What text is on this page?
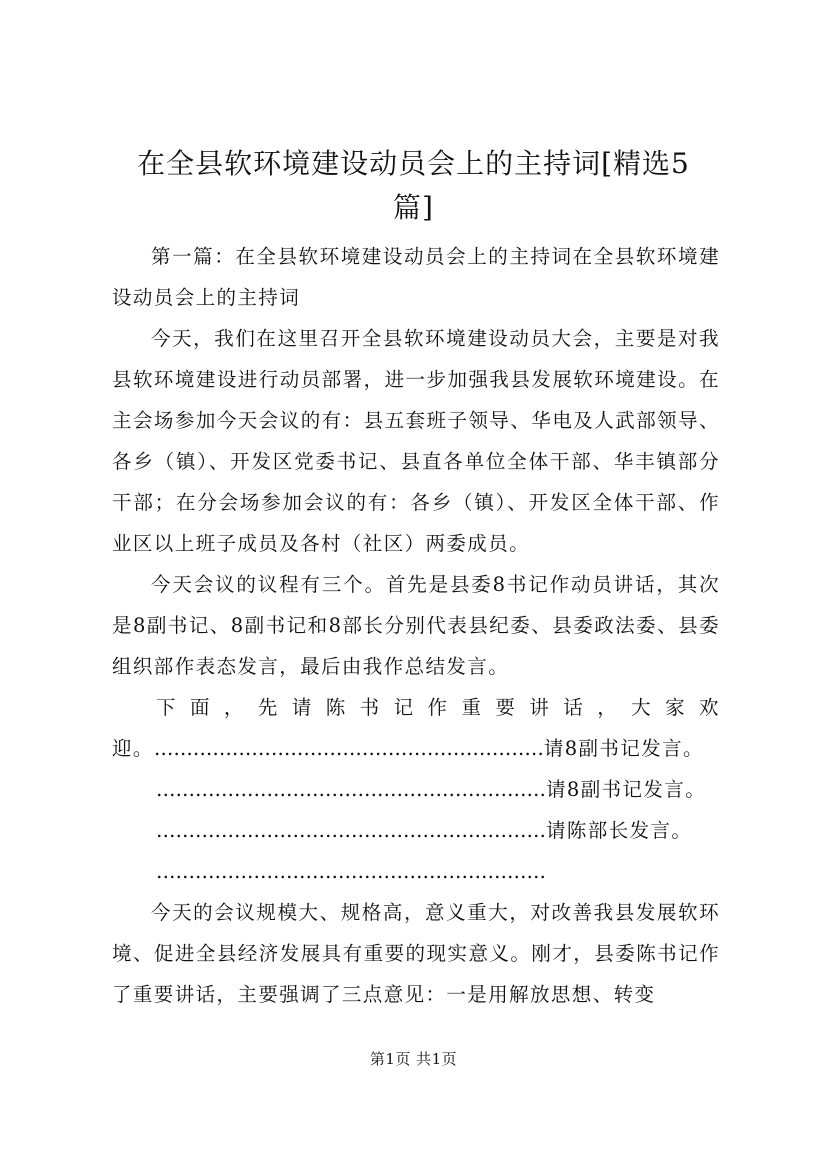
在全县软环境建设动员会上的主持词[精选5
篇]

第一篇：在全县软环境建设动员会上的主持词在全县软环境建设动员会上的主持词

今天，我们在这里召开全县软环境建设动员大会，主要是对我县软环境建设进行动员部署，进一步加强我县发展软环境建设。在主会场参加今天会议的有：县五套班子领导、华电及人武部领导、各乡（镇）、开发区党委书记、县直各单位全体干部、华丰镇部分干部；在分会场参加会议的有：各乡（镇）、开发区全体干部、作业区以上班子成员及各村（社区）两委成员。

今天会议的议程有三个。首先是县委8书记作动员讲话，其次是8副书记、8副书记和8部长分别代表县纪委、县委政法委、县委组织部作表态发言，最后由我作总结发言。

下 面 ， 先 请 陈 书 记 作 重 要 讲 话 ， 大 家 欢
迎。……………………………………………………请8副书记发言。
……………………………………………………请8副书记发言。
……………………………………………………请陈部长发言。
……………………………………………………

今天的会议规模大、规格高，意义重大，对改善我县发展软环境、促进全县经济发展具有重要的现实意义。刚才，县委陈书记作了重要讲话，主要强调了三点意见：一是用解放思想、转变

第1页 共1页
